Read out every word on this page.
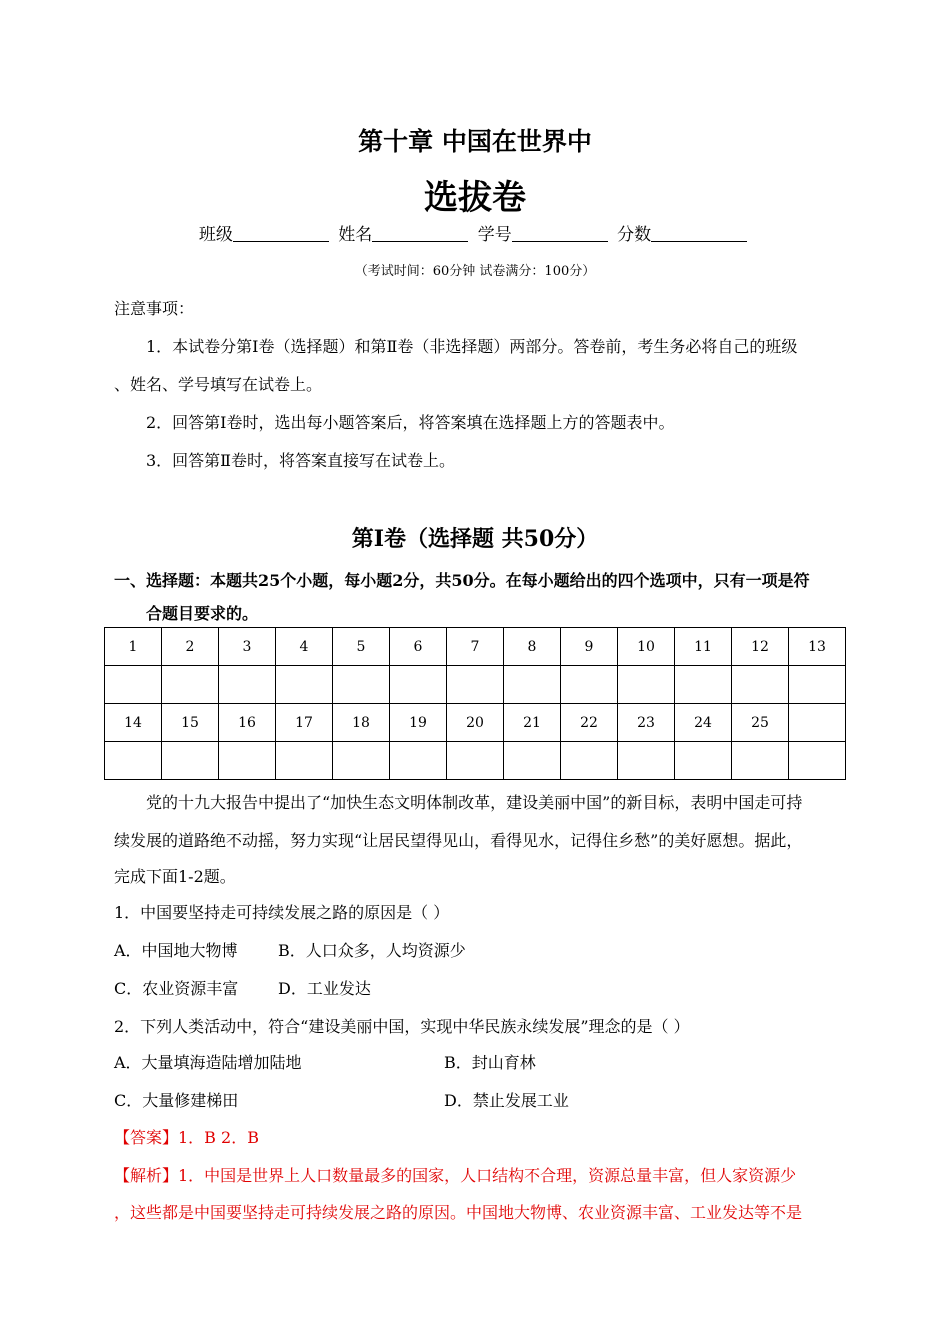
第十章 中国在世界中
选拔卷
班级	姓名	学号	分数
（考试时间：60分钟 试卷满分：100分）
注意事项：
1．本试卷分第Ⅰ卷（选择题）和第Ⅱ卷（非选择题）两部分。答卷前，考生务必将自己的班级
、姓名、学号填写在试卷上。
2．回答第Ⅰ卷时，选出每小题答案后，将答案填在选择题上方的答题表中。
3．回答第Ⅱ卷时，将答案直接写在试卷上。
第Ⅰ卷（选择题 共50分）
一、选择题：本题共25个小题，每小题2分，共50分。在每小题给出的四个选项中，只有一项是符
合题目要求的。
1	2	3	4	5	6	7	8	9	10	11	12	13

14	15	16	17	18	19	20	21	22	23	24	25	

党的十九大报告中提出了“加快生态文明体制改革，建设美丽中国”的新目标，表明中国走可持
续发展的道路绝不动摇，努力实现“让居民望得见山，看得见水，记得住乡愁”的美好愿想。据此，
完成下面1-2题。
1．中国要坚持走可持续发展之路的原因是（ ）
A．中国地大物博	B．人口众多，人均资源少
C．农业资源丰富 D．工业发达
2．下列人类活动中，符合“建设美丽中国，实现中华民族永续发展”理念的是（ ）
A．大量填海造陆增加陆地	B．封山育林
C．大量修建梯田	D．禁止发展工业
【答案】1．B 2．B
【解析】1．中国是世界上人口数量最多的国家，人口结构不合理，资源总量丰富，但人家资源少
，这些都是中国要坚持走可持续发展之路的原因。中国地大物博、农业资源丰富、工业发达等不是
